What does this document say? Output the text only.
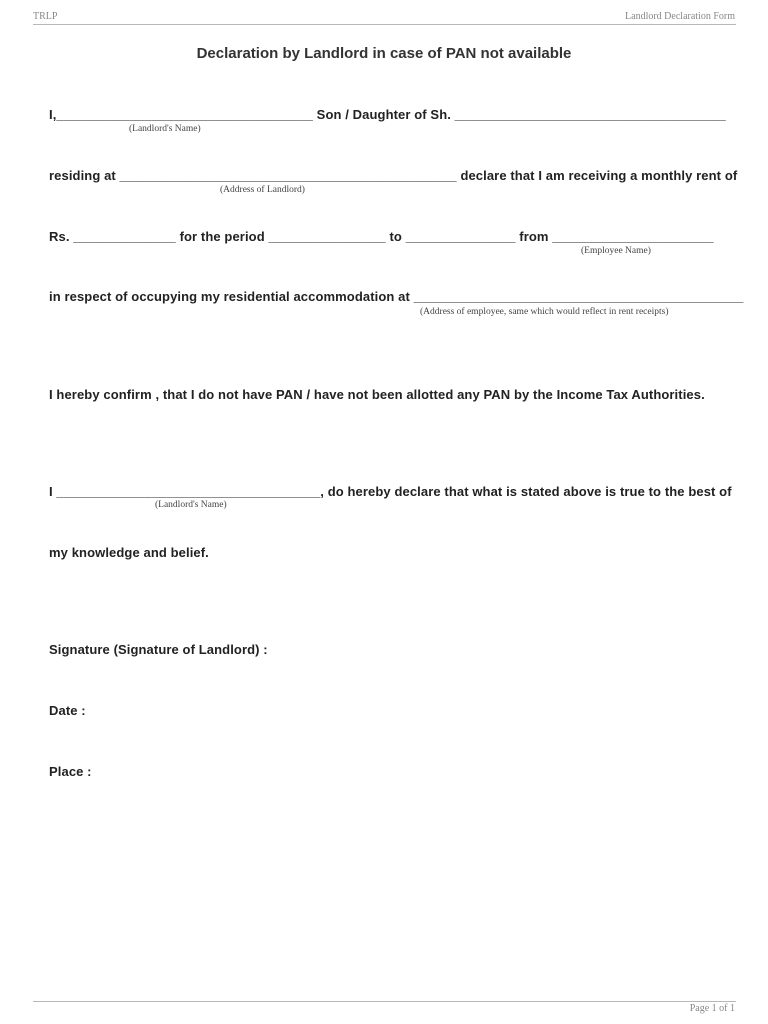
TRLP	Landlord Declaration Form
Declaration by Landlord in case of PAN not available
I,___________________________________ Son / Daughter of Sh. _____________________________________
(Landlord's Name)
residing at ______________________________________________ declare that I am receiving a monthly rent of
(Address of Landlord)
Rs. ______________ for the period ________________ to _______________ from ______________________
(Employee Name)
in respect of occupying my residential accommodation at _____________________________________________
(Address of employee, same which would reflect in rent receipts)
I hereby confirm , that I do not have PAN / have not been allotted any PAN by the Income Tax Authorities.
I ____________________________________, do hereby declare that what is stated above is true to the best of
(Landlord's Name)
my knowledge and belief.
Signature (Signature of Landlord) :
Date :
Place :
Page 1 of 1
